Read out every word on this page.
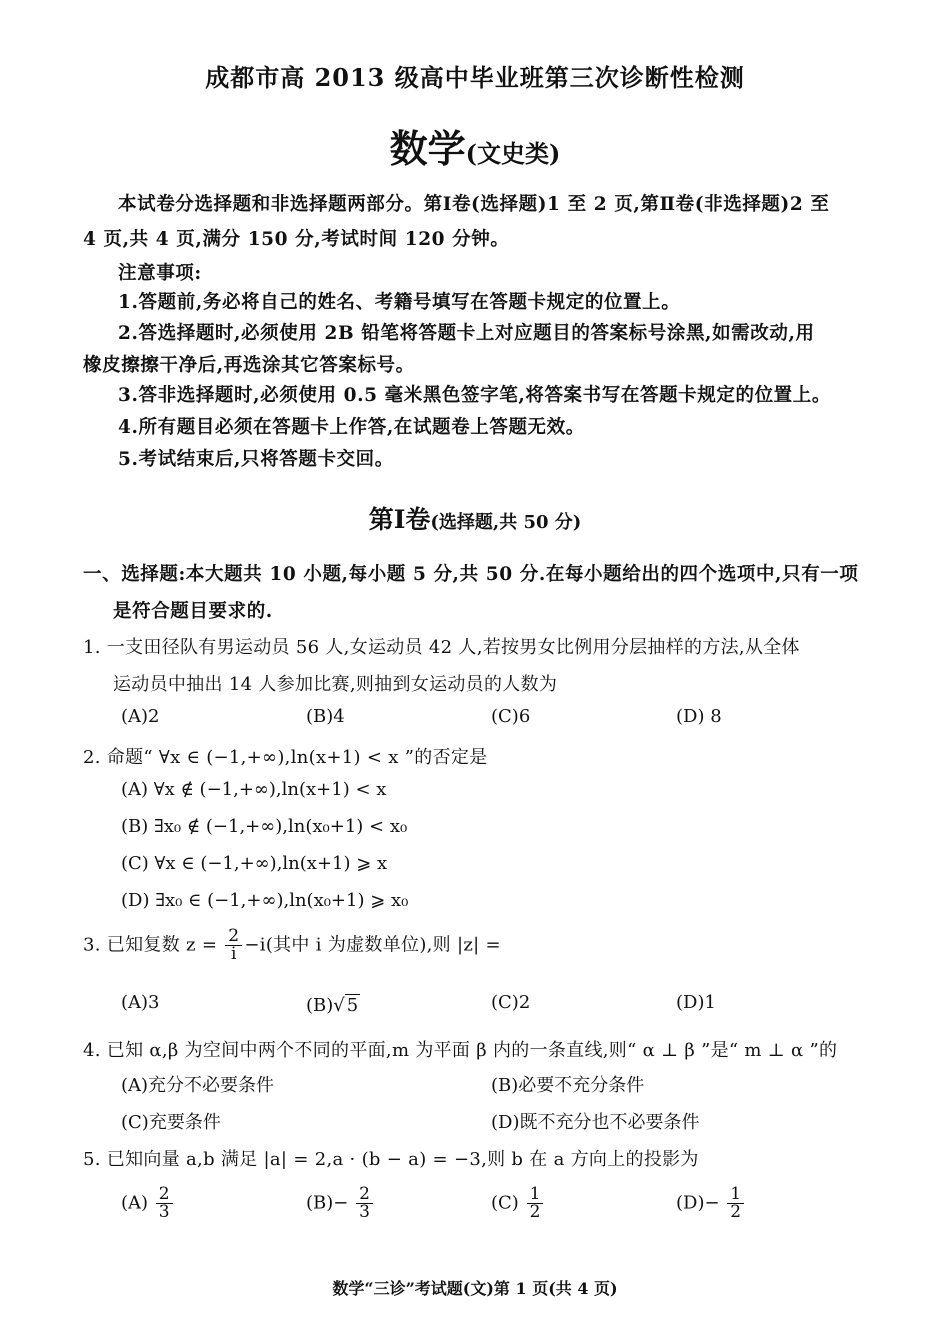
成都市高 2013 级高中毕业班第三次诊断性检测
数学(文史类)
本试卷分选择题和非选择题两部分。第Ⅰ卷(选择题)1 至 2 页,第Ⅱ卷(非选择题)2 至
4 页,共 4 页,满分 150 分,考试时间 120 分钟。
注意事项:
1.答题前,务必将自己的姓名、考籍号填写在答题卡规定的位置上。
2.答选择题时,必须使用 2B 铅笔将答题卡上对应题目的答案标号涂黑,如需改动,用
橡皮擦擦干净后,再选涂其它答案标号。
3.答非选择题时,必须使用 0.5 毫米黑色签字笔,将答案书写在答题卡规定的位置上。
4.所有题目必须在答题卡上作答,在试题卷上答题无效。
5.考试结束后,只将答题卡交回。
第Ⅰ卷(选择题,共 50 分)
一、选择题:本大题共 10 小题,每小题 5 分,共 50 分.在每小题给出的四个选项中,只有一项
是符合题目要求的.
1. 一支田径队有男运动员 56 人,女运动员 42 人,若按男女比例用分层抽样的方法,从全体
运动员中抽出 14 人参加比赛,则抽到女运动员的人数为
(A)2	(B)4	(C)6	(D) 8
2. 命题“ ∀x ∈ (−1,+∞),ln(x+1) < x ”的否定是
(A) ∀x ∉ (−1,+∞),ln(x+1) < x
(B) ∃x₀ ∉ (−1,+∞),ln(x₀+1) < x₀
(C) ∀x ∈ (−1,+∞),ln(x+1) ⩾ x
(D) ∃x₀ ∈ (−1,+∞),ln(x₀+1) ⩾ x₀
3. 已知复数 $z = \frac{2}{i} -i$(其中 i 为虚数单位),则 |z| =
(A)3	(B)√ 5	(C)2	(D)1
4. 已知 α,β 为空间中两个不同的平面,m 为平面 β 内的一条直线,则“ α ⊥ β ”是“ m ⊥ α ”的
(A)充分不必要条件	(B)必要不充分条件
(C)充要条件	(D)既不充分也不必要条件
5. 已知向量 a,b 满足 |a| = 2,a · (b − a) = −3,则 b 在 a 方向上的投影为
$(A) \frac{2}{3}$	$(B)- \frac{2}{3}$	$(C) \frac{1}{2}$	$(D)- \frac{1}{2}$
数学“三诊”考试题(文)第 1 页(共 4 页)
